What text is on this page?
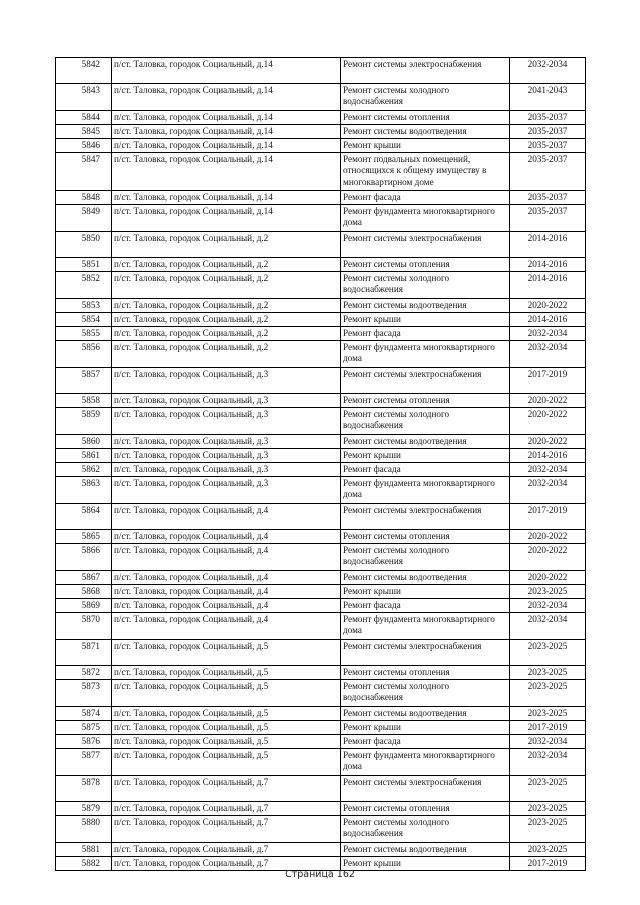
5842	п/ст. Таловка, городок Социальный, д.14	Ремонт системы электроснабжения	2032-2034
5843	п/ст. Таловка, городок Социальный, д.14	Ремонт системы холодного водоснабжения	2041-2043
5844	п/ст. Таловка, городок Социальный, д.14	Ремонт системы отопления	2035-2037
5845	п/ст. Таловка, городок Социальный, д.14	Ремонт системы водоотведения	2035-2037
5846	п/ст. Таловка, городок Социальный, д.14	Ремонт крыши	2035-2037
5847	п/ст. Таловка, городок Социальный, д.14	Ремонт подвальных помещений, относящихся к общему имуществу в многоквартирном доме	2035-2037
5848	п/ст. Таловка, городок Социальный, д.14	Ремонт фасада	2035-2037
5849	п/ст. Таловка, городок Социальный, д.14	Ремонт фундамента многоквартирного дома	2035-2037
5850	п/ст. Таловка, городок Социальный, д.2	Ремонт системы электроснабжения	2014-2016
5851	п/ст. Таловка, городок Социальный, д.2	Ремонт системы отопления	2014-2016
5852	п/ст. Таловка, городок Социальный, д.2	Ремонт системы холодного водоснабжения	2014-2016
5853	п/ст. Таловка, городок Социальный, д.2	Ремонт системы водоотведения	2020-2022
5854	п/ст. Таловка, городок Социальный, д.2	Ремонт крыши	2014-2016
5855	п/ст. Таловка, городок Социальный, д.2	Ремонт фасада	2032-2034
5856	п/ст. Таловка, городок Социальный, д.2	Ремонт фундамента многоквартирного дома	2032-2034
5857	п/ст. Таловка, городок Социальный, д.3	Ремонт системы электроснабжения	2017-2019
5858	п/ст. Таловка, городок Социальный, д.3	Ремонт системы отопления	2020-2022
5859	п/ст. Таловка, городок Социальный, д.3	Ремонт системы холодного водоснабжения	2020-2022
5860	п/ст. Таловка, городок Социальный, д.3	Ремонт системы водоотведения	2020-2022
5861	п/ст. Таловка, городок Социальный, д.3	Ремонт крыши	2014-2016
5862	п/ст. Таловка, городок Социальный, д.3	Ремонт фасада	2032-2034
5863	п/ст. Таловка, городок Социальный, д.3	Ремонт фундамента многоквартирного дома	2032-2034
5864	п/ст. Таловка, городок Социальный, д.4	Ремонт системы электроснабжения	2017-2019
5865	п/ст. Таловка, городок Социальный, д.4	Ремонт системы отопления	2020-2022
5866	п/ст. Таловка, городок Социальный, д.4	Ремонт системы холодного водоснабжения	2020-2022
5867	п/ст. Таловка, городок Социальный, д.4	Ремонт системы водоотведения	2020-2022
5868	п/ст. Таловка, городок Социальный, д.4	Ремонт крыши	2023-2025
5869	п/ст. Таловка, городок Социальный, д.4	Ремонт фасада	2032-2034
5870	п/ст. Таловка, городок Социальный, д.4	Ремонт фундамента многоквартирного дома	2032-2034
5871	п/ст. Таловка, городок Социальный, д.5	Ремонт системы электроснабжения	2023-2025
5872	п/ст. Таловка, городок Социальный, д.5	Ремонт системы отопления	2023-2025
5873	п/ст. Таловка, городок Социальный, д.5	Ремонт системы холодного водоснабжения	2023-2025
5874	п/ст. Таловка, городок Социальный, д.5	Ремонт системы водоотведения	2023-2025
5875	п/ст. Таловка, городок Социальный, д.5	Ремонт крыши	2017-2019
5876	п/ст. Таловка, городок Социальный, д.5	Ремонт фасада	2032-2034
5877	п/ст. Таловка, городок Социальный, д.5	Ремонт фундамента многоквартирного дома	2032-2034
5878	п/ст. Таловка, городок Социальный, д.7	Ремонт системы электроснабжения	2023-2025
5879	п/ст. Таловка, городок Социальный, д.7	Ремонт системы отопления	2023-2025
5880	п/ст. Таловка, городок Социальный, д.7	Ремонт системы холодного водоснабжения	2023-2025
5881	п/ст. Таловка, городок Социальный, д.7	Ремонт системы водоотведения	2023-2025
5882	п/ст. Таловка, городок Социальный, д.7	Ремонт крыши	2017-2019
Страница 162
